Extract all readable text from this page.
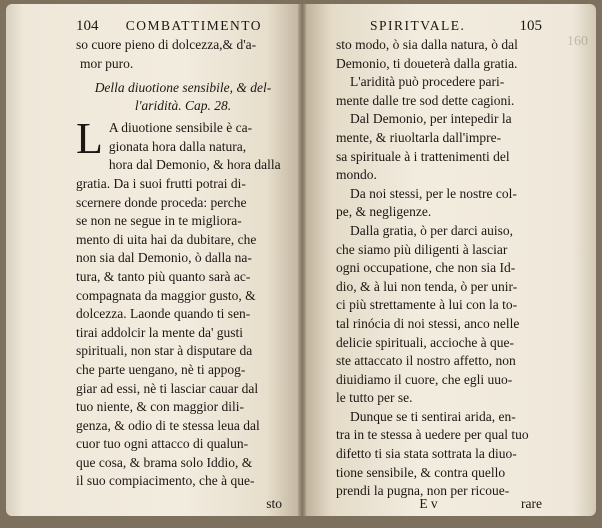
104 COMBATTIMENTO
so cuore pieno di dolcezza,& d'a-
mor puro.
Della diuotione sensibile, & del-
l'aridità. Cap. 28.
L A diuotione sensibile è ca-
gionata hora dalla natura,
hora dal Demonio, & hora dalla
gratia. Da i suoi frutti potrai di-
scernere donde proceda: perche
se non ne segue in te migliora-
mento di uita hai da dubitare, che
non sia dal Demonio, ò dalla na-
tura, & tanto più quanto sarà ac-
compagnata da maggior gusto, &
dolcezza. Laonde quando ti sen-
tirai addolcir la mente da' gusti
spirituali, non star à disputare da
che parte uengano, nè ti appog-
giar ad essi, nè ti lasciar cauar dal
tuo niente, & con maggior dili-
genza, & odio di te stessa leua dal
cuor tuo ogni attacco di qualun-
que cosa, & brama solo Iddio, &
il suo compiacimento, che à que-
sto
SPIRITVALE.	105
sto modo, ò sia dalla natura, ò dal
Demonio, ti doueterà dalla gratia.
L'aridità può procedere pari-
mente dalle tre sod dette cagioni.
Dal Demonio, per intepedir la
mente, & riuoltarla dall'impre-
sa spirituale à i trattenimenti del
mondo.
Da noi stessi, per le nostre col-
pe, & negligenze.
Dalla gratia, ò per darci auiso,
che siamo più diligenti à lasciar
ogni occupatione, che non sia Id-
dio, & à lui non tenda, ò per unir-
ci più strettamente à lui con la to-
tal rinócia di noi stessi, anco nelle
delicie spirituali, accioche à que-
ste attaccato il nostro affetto, non
diuidiamo il cuore, che egli uuo-
le tutto per se.
Dunque se ti sentirai arida, en-
tra in te stessa à uedere per qual tuo
difetto ti sia stata sottrata la diuo-
tione sensibile, & contra quello
prendi la pugna, non per ricoue-
E v	rare
160
